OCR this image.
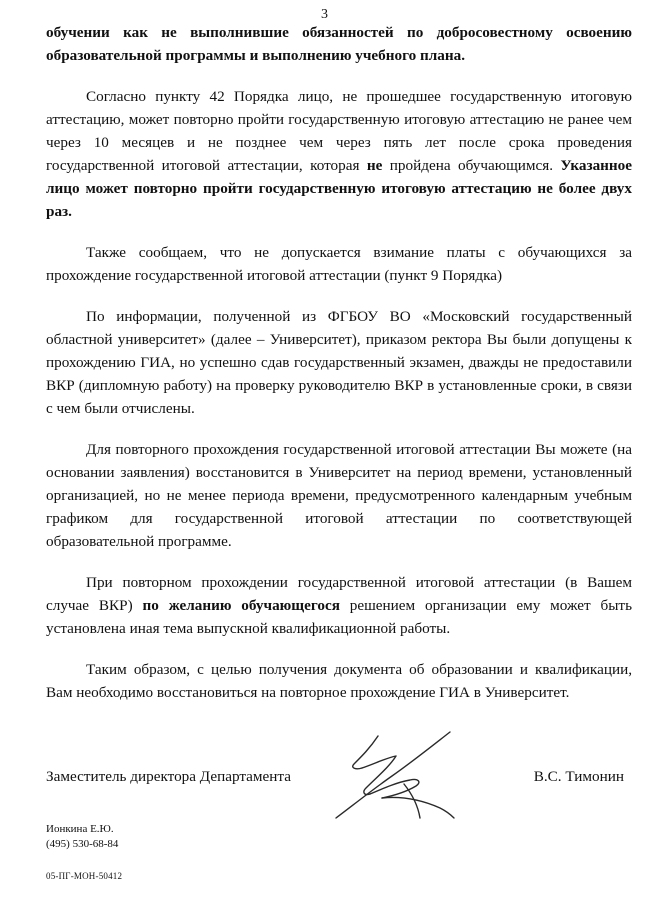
3

обучении как не выполнившие обязанностей по добросовестному освоению образовательной программы и выполнению учебного плана.

Согласно пункту 42 Порядка лицо, не прошедшее государственную итоговую аттестацию, может повторно пройти государственную итоговую аттестацию не ранее чем через 10 месяцев и не позднее чем через пять лет после срока проведения государственной итоговой аттестации, которая не пройдена обучающимся. Указанное лицо может повторно пройти государственную итоговую аттестацию не более двух раз.

Также сообщаем, что не допускается взимание платы с обучающихся за прохождение государственной итоговой аттестации (пункт 9 Порядка)

По информации, полученной из ФГБОУ ВО «Московский государственный областной университет» (далее – Университет), приказом ректора Вы были допущены к прохождению ГИА, но успешно сдав государственный экзамен, дважды не предоставили ВКР (дипломную работу) на проверку руководителю ВКР в установленные сроки, в связи с чем были отчислены.

Для повторного прохождения государственной итоговой аттестации Вы можете (на основании заявления) восстановится в Университет на период времени, установленный организацией, но не менее периода времени, предусмотренного календарным учебным графиком для государственной итоговой аттестации по соответствующей образовательной программе.

При повторном прохождении государственной итоговой аттестации (в Вашем случае ВКР) по желанию обучающегося решением организации ему может быть установлена иная тема выпускной квалификационной работы.

Таким образом, с целью получения документа об образовании и квалификации, Вам необходимо восстановиться на повторное прохождение ГИА в Университет.

Заместитель директора Департамента	В.С. Тимонин
Ионкина Е.Ю.
(495) 530-68-84
05-ПГ-МОН-50412
